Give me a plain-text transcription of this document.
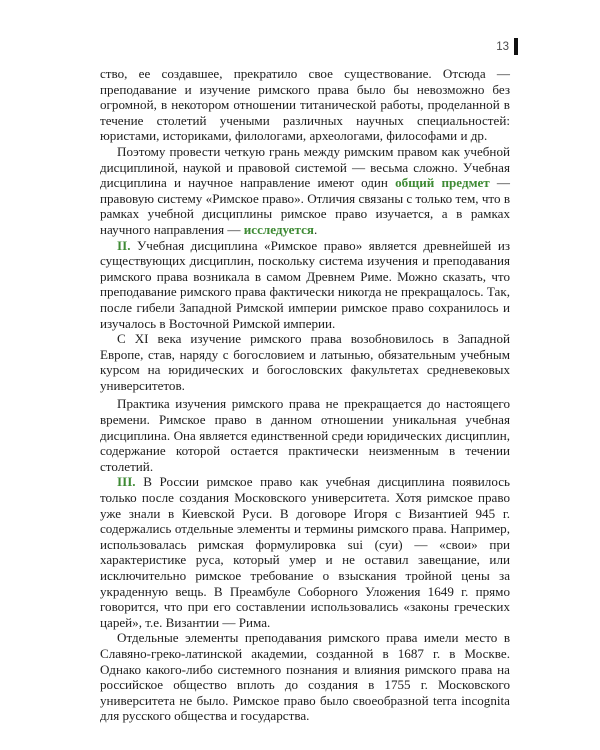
13

ство, ее создавшее, прекратило свое существование. Отсюда — преподавание и изучение римского права было бы невозможно без огромной, в некотором отношении титанической работы, проделанной в течение столетий учеными различных научных специальностей: юристами, историками, филологами, археологами, философами и др.

Поэтому провести четкую грань между римским правом как учебной дисциплиной, наукой и правовой системой — весьма сложно. Учебная дисциплина и научное направление имеют один общий предмет — правовую систему «Римское право». Отличия связаны с только тем, что в рамках учебной дисциплины римское право изучается, а в рамках научного направления — исследуется.

II. Учебная дисциплина «Римское право» является древнейшей из существующих дисциплин, поскольку система изучения и преподавания римского права возникала в самом Древнем Риме. Можно сказать, что преподавание римского права фактически никогда не прекращалось. Так, после гибели Западной Римской империи римское право сохранилось и изучалось в Восточной Римской империи.

С XI века изучение римского права возобновилось в Западной Европе, став, наряду с богословием и латынью, обязательным учебным курсом на юридических и богословских факультетах средневековых университетов.

Практика изучения римского права не прекращается до настоящего времени. Римское право в данном отношении уникальная учебная дисциплина. Она является единственной среди юридических дисциплин, содержание которой остается практически неизменным в течении столетий.

III. В России римское право как учебная дисциплина появилось только после создания Московского университета. Хотя римское право уже знали в Киевской Руси. В договоре Игоря с Византией 945 г. содержались отдельные элементы и термины римского права. Например, использовалась римская формулировка sui (суи) — «свои» при характеристике руса, который умер и не оставил завещание, или исключительно римское требование о взыскания тройной цены за украденную вещь. В Преамбуле Соборного Уложения 1649 г. прямо говорится, что при его составлении использовались «законы греческих царей», т.е. Византии — Рима.

Отдельные элементы преподавания римского права имели место в Славяно-греко-латинской академии, созданной в 1687 г. в Москве. Однако какого-либо системного познания и влияния римского права на российское общество вплоть до создания в 1755 г. Московского университета не было. Римское право было своеобразной terra incognita для русского общества и государства.
